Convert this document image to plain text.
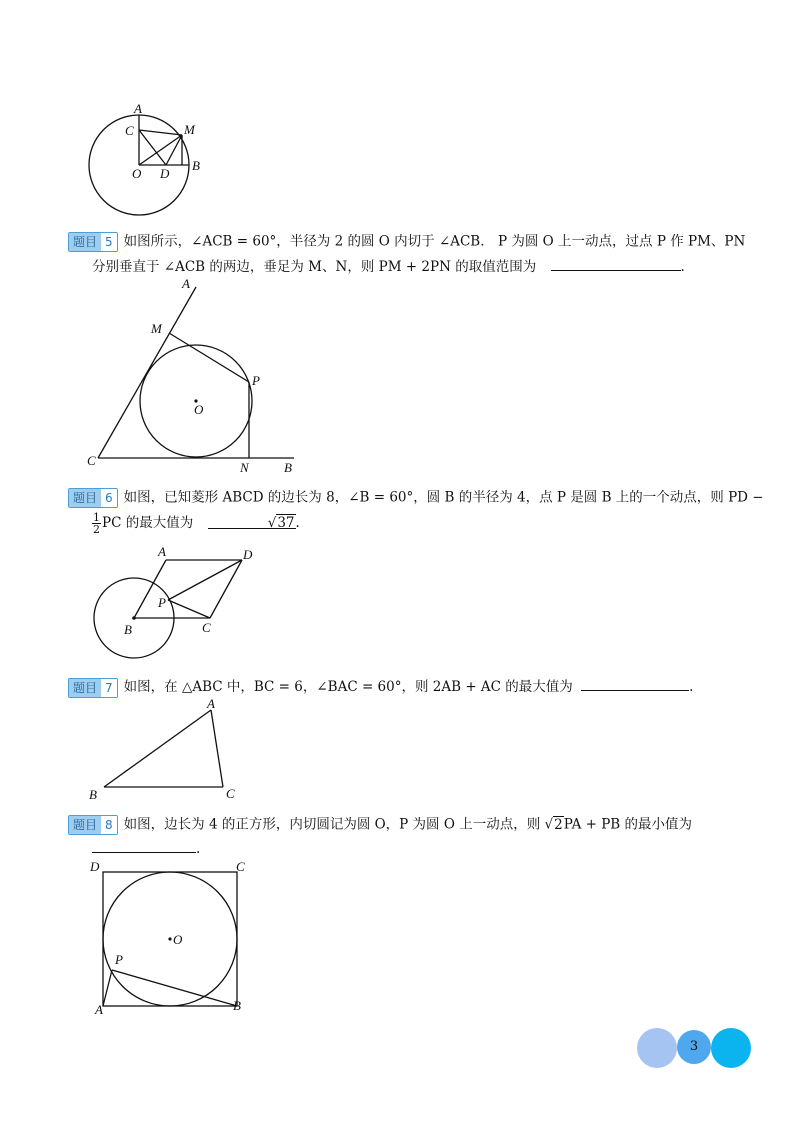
A
C	M
O D
B
题目 5 如图所示，∠ACB = 60°，半径为 2 的圆 O 内切于 ∠ACB． P 为圆 O 上一动点，过点 P 作 PM、PN
分别垂直于 ∠ACB 的两边，垂足为 M、N，则 PM + 2PN 的取值范围为	.
A
M
P
O
C	N	B
题目 6 如图，已知菱形 ABCD 的边长为 8，∠B = 60°，圆 B 的半径为 4，点 P 是圆 B 上的一个动点，则 PD −
$\frac{1}{2}$ PC 的最大值为	√37.
A	D
P
B	C
题目 7 如图，在 △ABC 中，BC = 6，∠BAC = 60°，则 2AB + AC 的最大值为	.
A
B	C
题目 8 如图，边长为 4 的正方形，内切圆记为圆 O，P 为圆 O 上一动点，则 √2PA + PB 的最小值为
.
D	C
O
P
A	B
3
